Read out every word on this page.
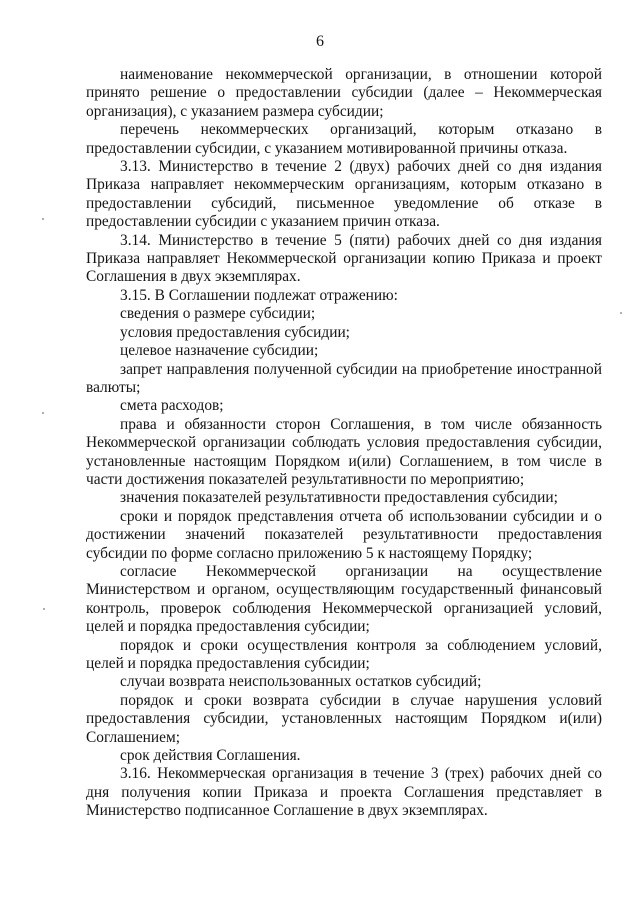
6

наименование некоммерческой организации, в отношении которой принято решение о предоставлении субсидии (далее – Некоммерческая организация), с указанием размера субсидии;

перечень некоммерческих организаций, которым отказано в предоставлении субсидии, с указанием мотивированной причины отказа.

3.13. Министерство в течение 2 (двух) рабочих дней со дня издания Приказа направляет некоммерческим организациям, которым отказано в предоставлении субсидий, письменное уведомление об отказе в предоставлении субсидии с указанием причин отказа.

3.14. Министерство в течение 5 (пяти) рабочих дней со дня издания Приказа направляет Некоммерческой организации копию Приказа и проект Соглашения в двух экземплярах.

3.15. В Соглашении подлежат отражению:

сведения о размере субсидии;

условия предоставления субсидии;

целевое назначение субсидии;

запрет направления полученной субсидии на приобретение иностранной валюты;

смета расходов;

права и обязанности сторон Соглашения, в том числе обязанность Некоммерческой организации соблюдать условия предоставления субсидии, установленные настоящим Порядком и(или) Соглашением, в том числе в части достижения показателей результативности по мероприятию;

значения показателей результативности предоставления субсидии;

сроки и порядок представления отчета об использовании субсидии и о достижении значений показателей результативности предоставления субсидии по форме согласно приложению 5 к настоящему Порядку;

согласие Некоммерческой организации на осуществление Министерством и органом, осуществляющим государственный финансовый контроль, проверок соблюдения Некоммерческой организацией условий, целей и порядка предоставления субсидии;

порядок и сроки осуществления контроля за соблюдением условий, целей и порядка предоставления субсидии;

случаи возврата неиспользованных остатков субсидий;

порядок и сроки возврата субсидии в случае нарушения условий предоставления субсидии, установленных настоящим Порядком и(или) Соглашением;

срок действия Соглашения.

3.16. Некоммерческая организация в течение 3 (трех) рабочих дней со дня получения копии Приказа и проекта Соглашения представляет в Министерство подписанное Соглашение в двух экземплярах.
